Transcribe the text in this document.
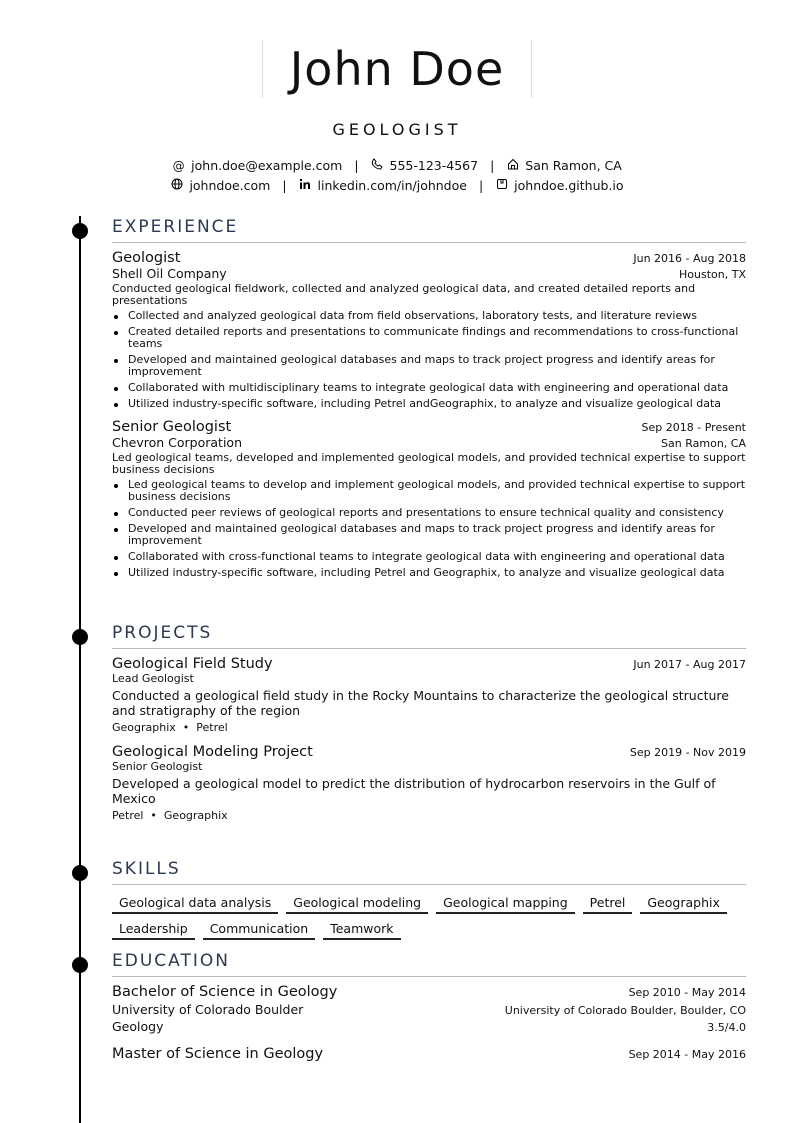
John Doe
GEOLOGIST
@ john.doe@example.com | 555-123-4567 | San Ramon, CA
johndoe.com | linkedin.com/in/johndoe | johndoe.github.io
EXPERIENCE
Geologist	Jun 2016 - Aug 2018
Shell Oil Company	Houston, TX
Conducted geological fieldwork, collected and analyzed geological data, and created detailed reports and presentations
Collected and analyzed geological data from field observations, laboratory tests, and literature reviews
Created detailed reports and presentations to communicate findings and recommendations to cross-functional teams
Developed and maintained geological databases and maps to track project progress and identify areas for improvement
Collaborated with multidisciplinary teams to integrate geological data with engineering and operational data
Utilized industry-specific software, including Petrel andGeographix, to analyze and visualize geological data
Senior Geologist	Sep 2018 - Present
Chevron Corporation	San Ramon, CA
Led geological teams, developed and implemented geological models, and provided technical expertise to support business decisions
Led geological teams to develop and implement geological models, and provided technical expertise to support business decisions
Conducted peer reviews of geological reports and presentations to ensure technical quality and consistency
Developed and maintained geological databases and maps to track project progress and identify areas for improvement
Collaborated with cross-functional teams to integrate geological data with engineering and operational data
Utilized industry-specific software, including Petrel and Geographix, to analyze and visualize geological data
PROJECTS
Geological Field Study	Jun 2017 - Aug 2017
Lead Geologist
Conducted a geological field study in the Rocky Mountains to characterize the geological structure and stratigraphy of the region
Geographix  •  Petrel
Geological Modeling Project	Sep 2019 - Nov 2019
Senior Geologist
Developed a geological model to predict the distribution of hydrocarbon reservoirs in the Gulf of Mexico
Petrel  •  Geographix
SKILLS
Geological data analysis Geological modeling Geological mapping Petrel GeographixLeadership Communication Teamwork
EDUCATION
Bachelor of Science in Geology	Sep 2010 - May 2014
University of Colorado Boulder	University of Colorado Boulder, Boulder, CO
Geology	3.5/4.0
Master of Science in Geology	Sep 2014 - May 2016
